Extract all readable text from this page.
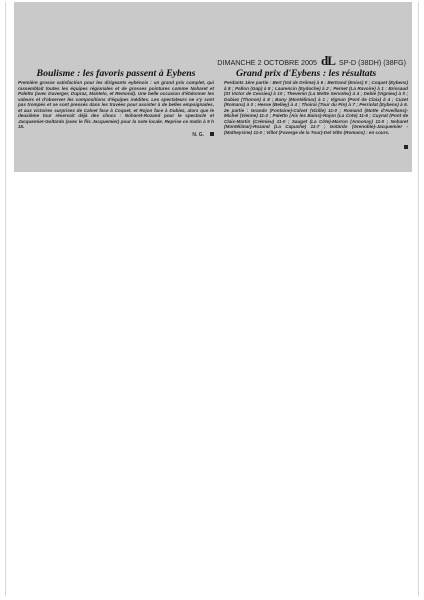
DIMANCHE 2 OCTOBRE 2005 dL SP-D (38DH) (38FG)
Boulisme : les favoris passent à Eybens

Première grosse satisfaction pour les dirigeants eybénois : un grand prix complet, qui rassemblait toutes les équipes régionales et de grosses pointures comme Noharet et Paletto (avec Duverger, Dupraz, Mantelo, et Remond). Une belle occasion d'étalonner les valeurs et d'observer les compositions d'équipes inédites. Les spectateurs ne s'y sont pas trompés et se sont pressés dans les travées pour assister à de belles empoignades, et aux victoires surprises de Calvet face à Coquet, et Rojon face à Dubiez, alors que le deuxième tour réservait déjà des chocs : Noharet-Rozand pour le spectacle et Jacquemier-Goltardo (avec le fils Jacquemier) pour la note locale. Reprise ce matin à 9 h 15.

N. G.
Grand prix d'Eybens : les résultats

Perdants 1ère partie : Bert (Val de Drôme) à 6 ; Bertrand (Enios) 0 ; Coquet (Eybens) à 8 ; Pallon (Gap) à 8 ; Laurencin (Eydoche) à 2 ; Pernet (La Ravoire) à 1 : Brissaud (St Victor de Cessieu) à 10 ; Thevenin (La Motte Servolex) à 4 ; Debié (Vignieu) à 0 ; Dubiez (Thonon) à 8 ; Buny (Montélimar) à 1 ; Vignon (Pont de Claix) à 4 ; Cuzet (Romans) à 0 ; Hesse (Belley) à 4 ; Thoirai (Tour du Pin) à 7 ; Perriolat (Eybens) à 6. 2e partie : Grando (Fontaine)-Calvet (Vizille) 11-0 ; Romand (Motte d'Aveillans)-Michel (Vienne) 11-2 ; Paletto (Aix les Bains)-Rojon (La Cote) 11-6 ; Cuynat (Pont de Claix-Martin (Crémieu) 11-0 ; Sauget (La Côte)-Marron (Annonay) 11-0 ; Noharet (Montélimar)-Rozand (La Capuche) 11-7 ; Gotardo (Grenoble)-Jacquemier -(Matheysine) 11-0 ; Villot (Faverge de la Tour)-Del Vitto (Romans) : en cours.
